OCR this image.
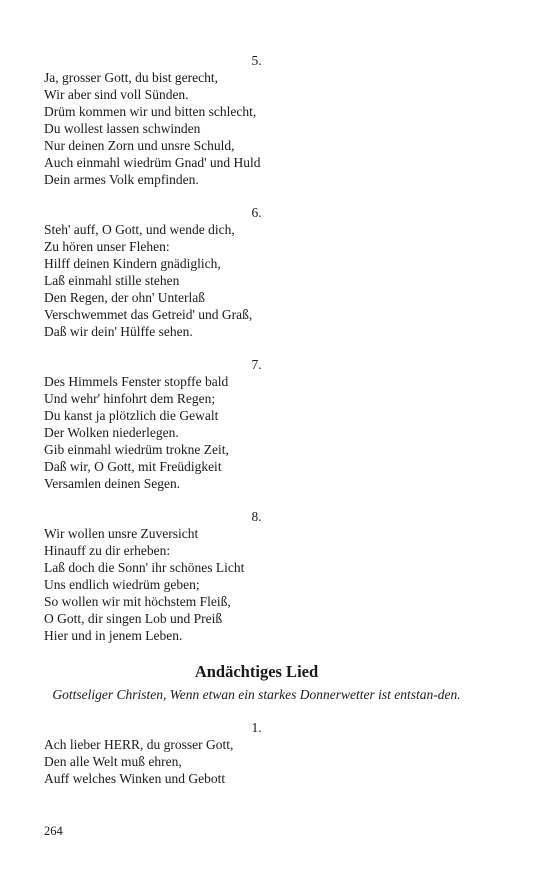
5.
Ja, grosser Gott, du bist gerecht,
Wir aber sind voll Sünden.
Drüm kommen wir und bitten schlecht,
Du wollest lassen schwinden
Nur deinen Zorn und unsre Schuld,
Auch einmahl wiedrüm Gnad' und Huld
Dein armes Volk empfinden.
6.
Steh' auff, O Gott, und wende dich,
Zu hören unser Flehen:
Hilff deinen Kindern gnädiglich,
Laß einmahl stille stehen
Den Regen, der ohn' Unterlaß
Verschwemmet das Getreid' und Graß,
Daß wir dein' Hülffe sehen.
7.
Des Himmels Fenster stopffe bald
Und wehr' hinfohrt dem Regen;
Du kanst ja plötzlich die Gewalt
Der Wolken niederlegen.
Gib einmahl wiedrüm trokne Zeit,
Daß wir, O Gott, mit Freüdigkeit
Versamlen deinen Segen.
8.
Wir wollen unsre Zuversicht
Hinauff zu dir erheben:
Laß doch die Sonn' ihr schönes Licht
Uns endlich wiedrüm geben;
So wollen wir mit höchstem Fleiß,
O Gott, dir singen Lob und Preiß
Hier und in jenem Leben.
Andächtiges Lied
Gottseliger Christen, Wenn etwan ein starkes Donnerwetter ist entstan-den.
1.
Ach lieber HERR, du grosser Gott,
Den alle Welt muß ehren,
Auff welches Winken und Gebott
264
